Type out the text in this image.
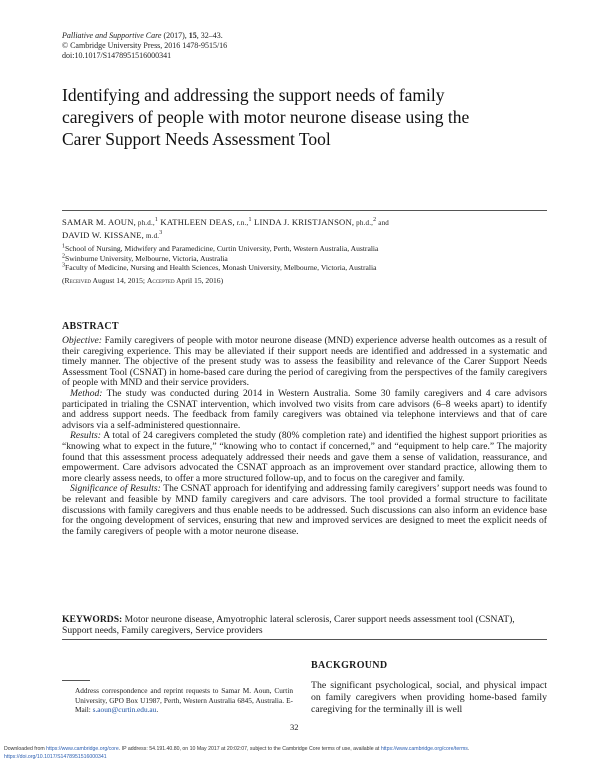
Palliative and Supportive Care (2017), 15, 32–43.
© Cambridge University Press, 2016 1478-9515/16
doi:10.1017/S1478951516000341
Identifying and addressing the support needs of family caregivers of people with motor neurone disease using the Carer Support Needs Assessment Tool
SAMAR M. AOUN, ph.d.,$^1$ KATHLEEN DEAS, r.n.,$^1$ LINDA J. KRISTJANSON, ph.d.,$^2$ and
DAVID W. KISSANE, m.d.$^3$
$^1$School of Nursing, Midwifery and Paramedicine, Curtin University, Perth, Western Australia, Australia
$^2$Swinburne University, Melbourne, Victoria, Australia
$^3$Faculty of Medicine, Nursing and Health Sciences, Monash University, Melbourne, Victoria, Australia
(Received August 14, 2015; Accepted April 15, 2016)
ABSTRACT

Objective: Family caregivers of people with motor neurone disease (MND) experience adverse health outcomes as a result of their caregiving experience. This may be alleviated if their support needs are identified and addressed in a systematic and timely manner. The objective of the present study was to assess the feasibility and relevance of the Carer Support Needs Assessment Tool (CSNAT) in home-based care during the period of caregiving from the perspectives of the family caregivers of people with MND and their service providers.

Method: The study was conducted during 2014 in Western Australia. Some 30 family caregivers and 4 care advisors participated in trialing the CSNAT intervention, which involved two visits from care advisors (6–8 weeks apart) to identify and address support needs. The feedback from family caregivers was obtained via telephone interviews and that of care advisors via a self-administered questionnaire.

Results: A total of 24 caregivers completed the study (80% completion rate) and identified the highest support priorities as “knowing what to expect in the future,” “knowing who to contact if concerned,” and “equipment to help care.” The majority found that this assessment process adequately addressed their needs and gave them a sense of validation, reassurance, and empowerment. Care advisors advocated the CSNAT approach as an improvement over standard practice, allowing them to more clearly assess needs, to offer a more structured follow-up, and to focus on the caregiver and family.

Significance of Results: The CSNAT approach for identifying and addressing family caregivers’ support needs was found to be relevant and feasible by MND family caregivers and care advisors. The tool provided a formal structure to facilitate discussions with family caregivers and thus enable needs to be addressed. Such discussions can also inform an evidence base for the ongoing development of services, ensuring that new and improved services are designed to meet the explicit needs of the family caregivers of people with a motor neurone disease.

KEYWORDS: Motor neurone disease, Amyotrophic lateral sclerosis, Carer support needs assessment tool (CSNAT), Support needs, Family caregivers, Service providers
Address correspondence and reprint requests to Samar M. Aoun, Curtin University, GPO Box U1987, Perth, Western Australia 6845, Australia. E-Mail: s.aoun@curtin.edu.au.
BACKGROUND
The significant psychological, social, and physical impact on family caregivers when providing home-based family caregiving for the terminally ill is well
32
Downloaded from https://www.cambridge.org/core. IP address: 54.191.40.80, on 10 May 2017 at 20:02:07, subject to the Cambridge Core terms of use, available at https://www.cambridge.org/core/terms.
https://doi.org/10.1017/S1478951516000341
